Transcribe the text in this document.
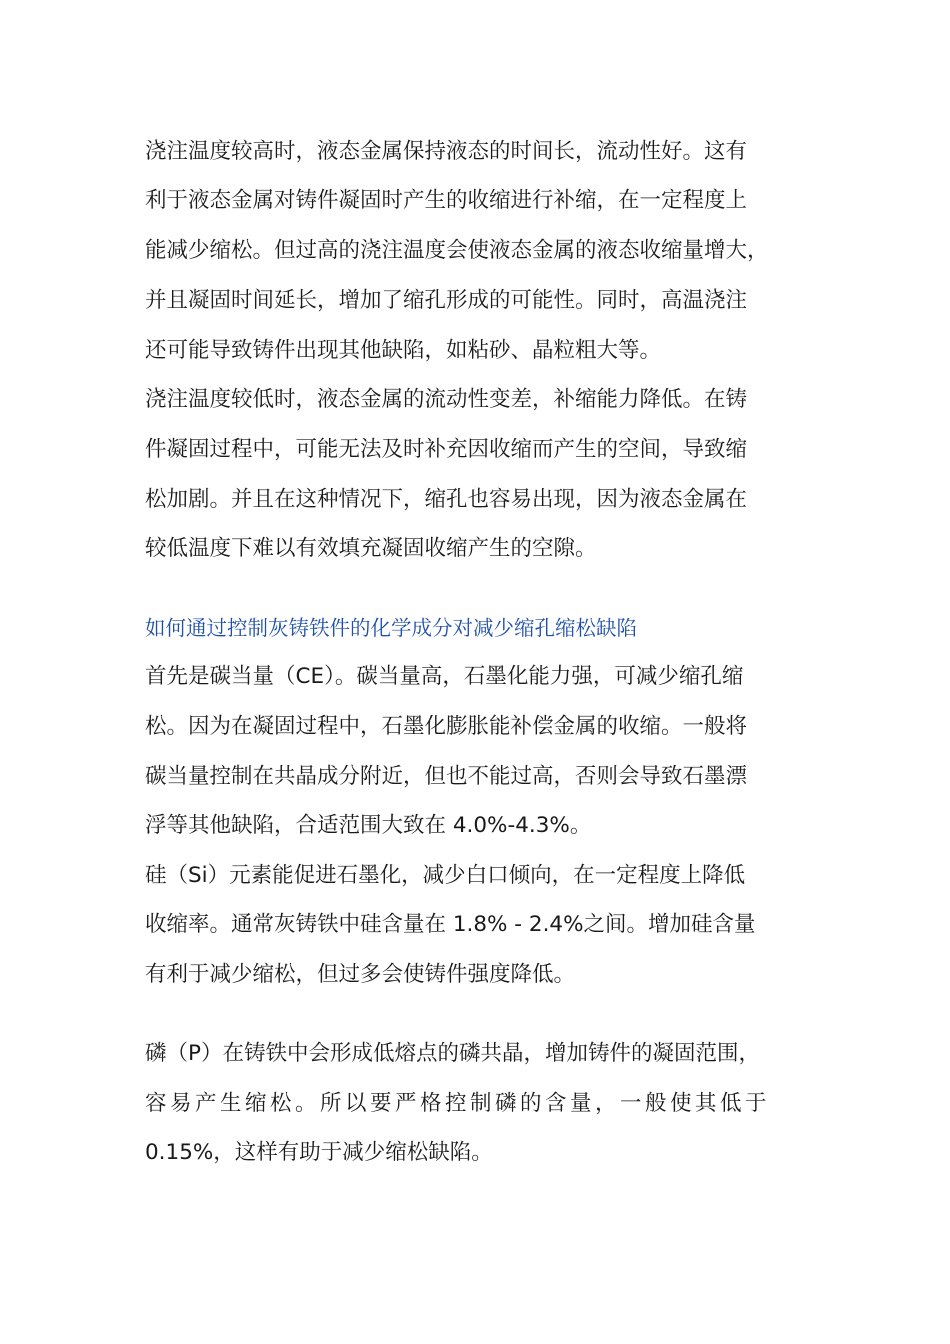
浇注温度较高时，液态金属保持液态的时间长，流动性好。这有
利于液态金属对铸件凝固时产生的收缩进行补缩，在一定程度上
能减少缩松。但过高的浇注温度会使液态金属的液态收缩量增大，
并且凝固时间延长，增加了缩孔形成的可能性。同时，高温浇注
还可能导致铸件出现其他缺陷，如粘砂、晶粒粗大等。
浇注温度较低时，液态金属的流动性变差，补缩能力降低。在铸
件凝固过程中，可能无法及时补充因收缩而产生的空间，导致缩
松加剧。并且在这种情况下，缩孔也容易出现，因为液态金属在
较低温度下难以有效填充凝固收缩产生的空隙。
如何通过控制灰铸铁件的化学成分对减少缩孔缩松缺陷
首先是碳当量（CE）。碳当量高，石墨化能力强，可减少缩孔缩
松。因为在凝固过程中，石墨化膨胀能补偿金属的收缩。一般将
碳当量控制在共晶成分附近，但也不能过高，否则会导致石墨漂
浮等其他缺陷，合适范围大致在 4.0%-4.3%。
硅（Si）元素能促进石墨化，减少白口倾向，在一定程度上降低
收缩率。通常灰铸铁中硅含量在 1.8% - 2.4%之间。增加硅含量
有利于减少缩松，但过多会使铸件强度降低。
磷（P）在铸铁中会形成低熔点的磷共晶，增加铸件的凝固范围，
容易产生缩松。所以要严格控制磷的含量，一般使其低于
0.15%，这样有助于减少缩松缺陷。
